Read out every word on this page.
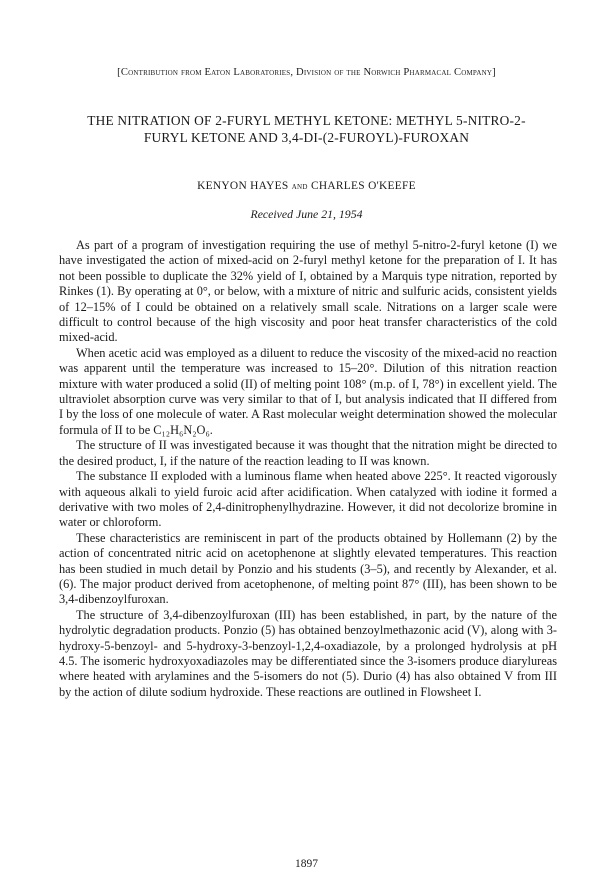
[Contribution from Eaton Laboratories, Division of the Norwich Pharmacal Company]
THE NITRATION OF 2-FURYL METHYL KETONE: METHYL 5-NITRO-2-FURYL KETONE AND 3,4-DI-(2-FUROYL)-FUROXAN
KENYON HAYES and CHARLES O'KEEFE
Received June 21, 1954

As part of a program of investigation requiring the use of methyl 5-nitro-2-furyl ketone (I) we have investigated the action of mixed-acid on 2-furyl methyl ketone for the preparation of I. It has not been possible to duplicate the 32% yield of I, obtained by a Marquis type nitration, reported by Rinkes (1). By operating at 0°, or below, with a mixture of nitric and sulfuric acids, consistent yields of 12–15% of I could be obtained on a relatively small scale. Nitrations on a larger scale were difficult to control because of the high viscosity and poor heat transfer characteristics of the cold mixed-acid.

When acetic acid was employed as a diluent to reduce the viscosity of the mixed-acid no reaction was apparent until the temperature was increased to 15–20°. Dilution of this nitration reaction mixture with water produced a solid (II) of melting point 108° (m.p. of I, 78°) in excellent yield. The ultraviolet absorption curve was very similar to that of I, but analysis indicated that II differed from I by the loss of one molecule of water. A Rast molecular weight determination showed the molecular formula of II to be C₁₂H₆N₂O₆.

The structure of II was investigated because it was thought that the nitration might be directed to the desired product, I, if the nature of the reaction leading to II was known.

The substance II exploded with a luminous flame when heated above 225°. It reacted vigorously with aqueous alkali to yield furoic acid after acidification. When catalyzed with iodine it formed a derivative with two moles of 2,4-dinitrophenylhydrazine. However, it did not decolorize bromine in water or chloroform.

These characteristics are reminiscent in part of the products obtained by Hollemann (2) by the action of concentrated nitric acid on acetophenone at slightly elevated temperatures. This reaction has been studied in much detail by Ponzio and his students (3–5), and recently by Alexander, et al. (6). The major product derived from acetophenone, of melting point 87° (III), has been shown to be 3,4-dibenzoylfuroxan.

The structure of 3,4-dibenzoylfuroxan (III) has been established, in part, by the nature of the hydrolytic degradation products. Ponzio (5) has obtained benzoylmethazonic acid (V), along with 3-hydroxy-5-benzoyl- and 5-hydroxy-3-benzoyl-1,2,4-oxadiazole, by a prolonged hydrolysis at pH 4.5. The isomeric hydroxyoxadiazoles may be differentiated since the 3-isomers produce diarylureas where heated with arylamines and the 5-isomers do not (5). Durio (4) has also obtained V from III by the action of dilute sodium hydroxide. These reactions are outlined in Flowsheet I.

1897
